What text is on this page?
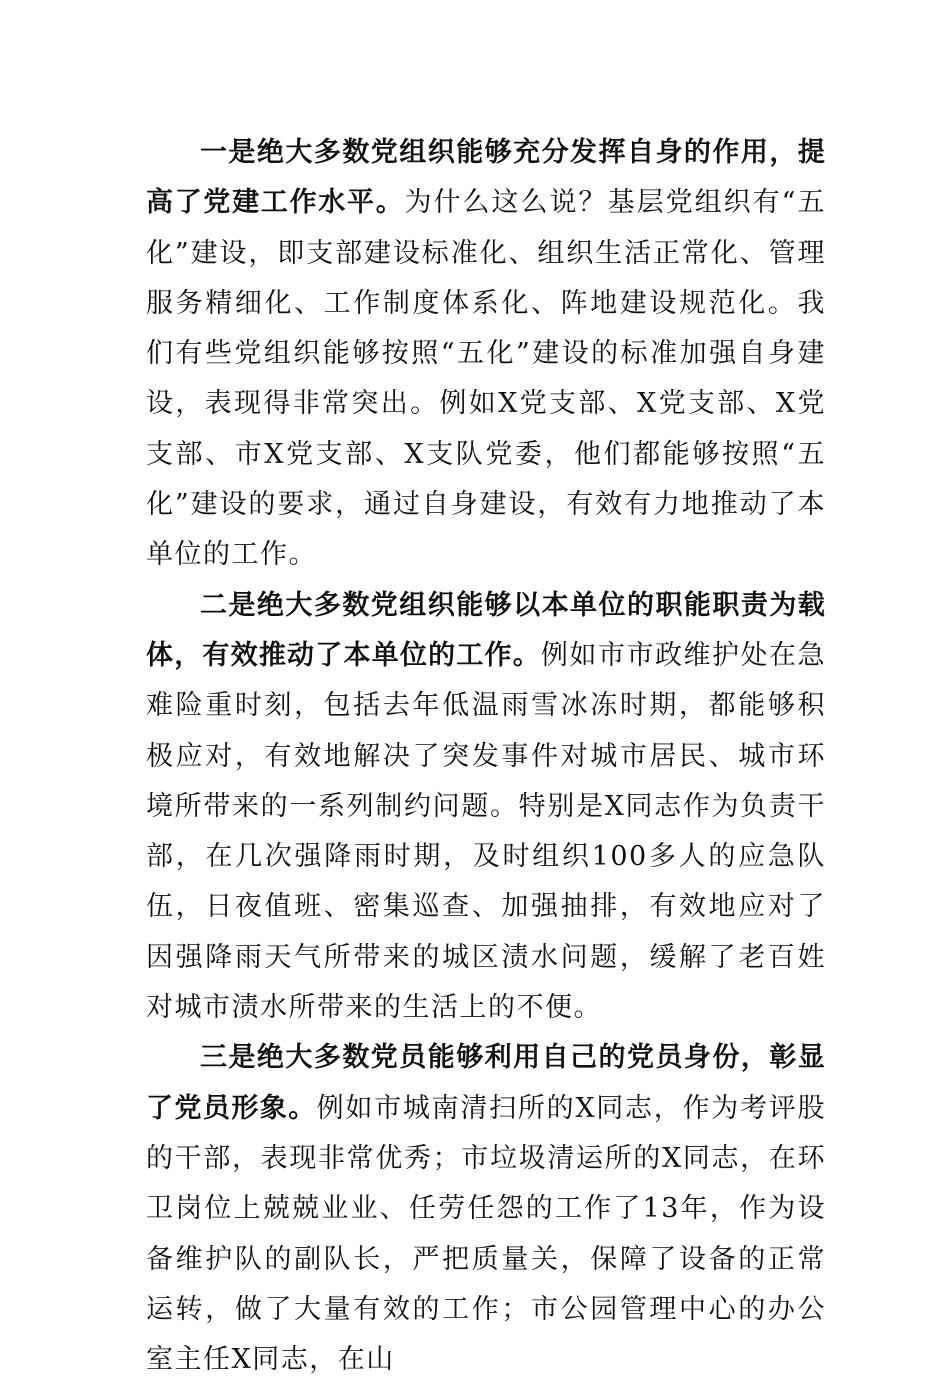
一是绝大多数党组织能够充分发挥自身的作用，提高了党建工作水平。为什么这么说？基层党组织有“五化”建设，即支部建设标准化、组织生活正常化、管理服务精细化、工作制度体系化、阵地建设规范化。我们有些党组织能够按照“五化”建设的标准加强自身建设，表现得非常突出。例如X党支部、X党支部、X党支部、市X党支部、X支队党委，他们都能够按照“五化”建设的要求，通过自身建设，有效有力地推动了本单位的工作。

二是绝大多数党组织能够以本单位的职能职责为载体，有效推动了本单位的工作。例如市市政维护处在急难险重时刻，包括去年低温雨雪冰冻时期，都能够积极应对，有效地解决了突发事件对城市居民、城市环境所带来的一系列制约问题。特别是X同志作为负责干部，在几次强降雨时期，及时组织100多人的应急队伍，日夜值班、密集巡查、加强抽排，有效地应对了因强降雨天气所带来的城区渍水问题，缓解了老百姓对城市渍水所带来的生活上的不便。

三是绝大多数党员能够利用自己的党员身份，彰显了党员形象。例如市城南清扫所的X同志，作为考评股的干部，表现非常优秀；市垃圾清运所的X同志，在环卫岗位上兢兢业业、任劳任怨的工作了13年，作为设备维护队的副队长，严把质量关，保障了设备的正常运转，做了大量有效的工作；市公园管理中心的办公室主任X同志，在山
